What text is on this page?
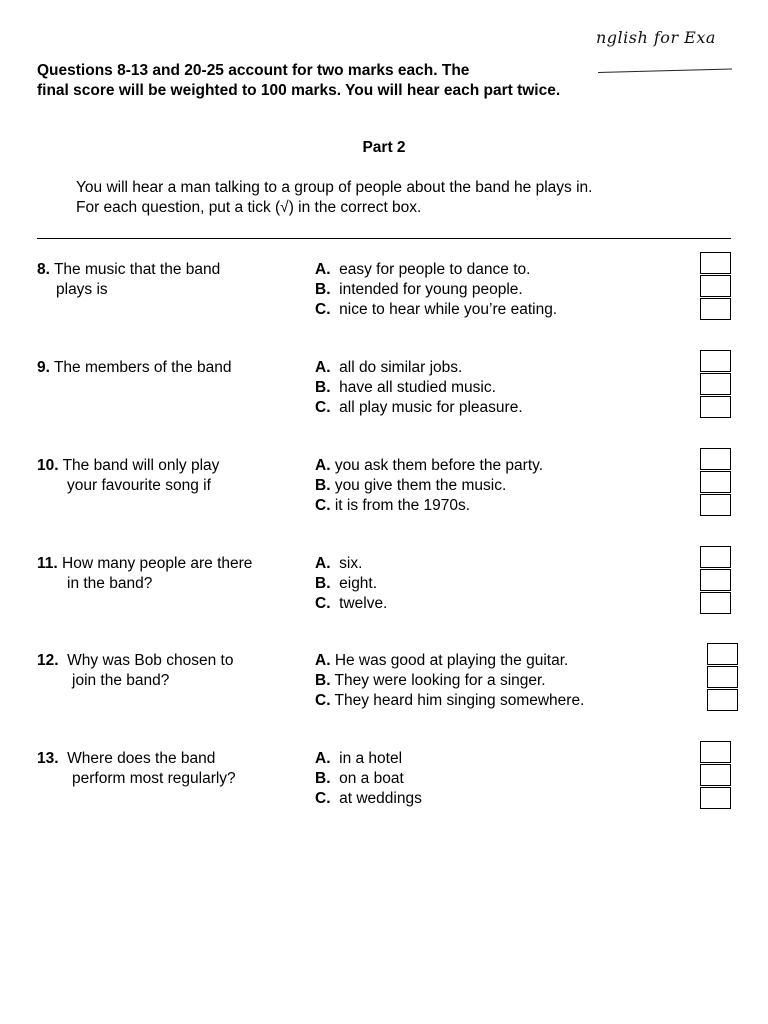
nglish for Exa
Questions 8-13 and 20-25 account for two marks each. The
final score will be weighted to 100 marks. You will hear each part twice.
Part 2
You will hear a man talking to a group of people about the band he plays in.
For each question, put a tick (√) in the correct box.
8. The music that the band
plays is
A. easy for people to dance to.
B. intended for young people.
C. nice to hear while you’re eating.
9. The members of the band	A. all do similar jobs.
B. have all studied music.
C. all play music for pleasure.
10. The band will only play
your favourite song if
A. you ask them before the party.
B. you give them the music.
C. it is from the 1970s.
11. How many people are there
in the band?
A. six.
B. eight.
C. twelve.
12.  Why was Bob chosen to
join the band?
A. He was good at playing the guitar.
B. They were looking for a singer.
C. They heard him singing somewhere.
13.  Where does the band
perform most regularly?
A. in a hotel
B. on a boat
C. at weddings
